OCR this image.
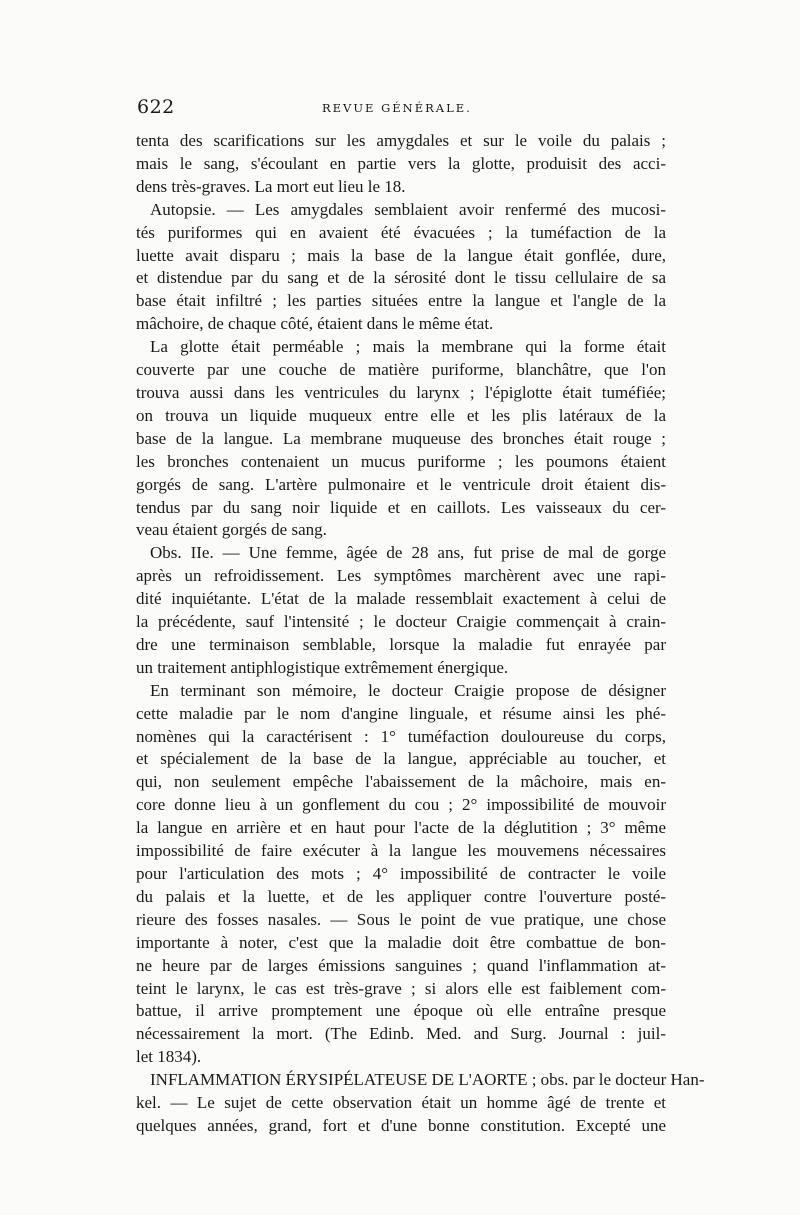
622	REVUE GÉNÉRALE.
tenta des scarifications sur les amygdales et sur le voile du palais ;
mais le sang, s'écoulant en partie vers la glotte, produisit des acci-
dens très-graves. La mort eut lieu le 18.
Autopsie. — Les amygdales semblaient avoir renfermé des mucosi-
tés puriformes qui en avaient été évacuées ; la tuméfaction de la
luette avait disparu ; mais la base de la langue était gonflée, dure,
et distendue par du sang et de la sérosité dont le tissu cellulaire de sa
base était infiltré ; les parties situées entre la langue et l'angle de la
mâchoire, de chaque côté, étaient dans le même état.
La glotte était perméable ; mais la membrane qui la forme était
couverte par une couche de matière puriforme, blanchâtre, que l'on
trouva aussi dans les ventricules du larynx ; l'épiglotte était tuméfiée;
on trouva un liquide muqueux entre elle et les plis latéraux de la
base de la langue. La membrane muqueuse des bronches était rouge ;
les bronches contenaient un mucus puriforme ; les poumons étaient
gorgés de sang. L'artère pulmonaire et le ventricule droit étaient dis-
tendus par du sang noir liquide et en caillots. Les vaisseaux du cer-
veau étaient gorgés de sang.
Obs. IIe. — Une femme, âgée de 28 ans, fut prise de mal de gorge
après un refroidissement. Les symptômes marchèrent avec une rapi-
dité inquiétante. L'état de la malade ressemblait exactement à celui de
la précédente, sauf l'intensité ; le docteur Craigie commençait à crain-
dre une terminaison semblable, lorsque la maladie fut enrayée par
un traitement antiphlogistique extrêmement énergique.
En terminant son mémoire, le docteur Craigie propose de désigner
cette maladie par le nom d'angine linguale, et résume ainsi les phé-
nomènes qui la caractérisent : 1° tuméfaction douloureuse du corps,
et spécialement de la base de la langue, appréciable au toucher, et
qui, non seulement empêche l'abaissement de la mâchoire, mais en-
core donne lieu à un gonflement du cou ; 2° impossibilité de mouvoir
la langue en arrière et en haut pour l'acte de la déglutition ; 3° même
impossibilité de faire exécuter à la langue les mouvemens nécessaires
pour l'articulation des mots ; 4° impossibilité de contracter le voile
du palais et la luette, et de les appliquer contre l'ouverture posté-
rieure des fosses nasales. — Sous le point de vue pratique, une chose
importante à noter, c'est que la maladie doit être combattue de bon-
ne heure par de larges émissions sanguines ; quand l'inflammation at-
teint le larynx, le cas est très-grave ; si alors elle est faiblement com-
battue, il arrive promptement une époque où elle entraîne presque
nécessairement la mort. (The Edinb. Med. and Surg. Journal : juil-
let 1834).
INFLAMMATION ÉRYSIPÉLATEUSE DE L'AORTE ; obs. par le docteur Han-
kel. — Le sujet de cette observation était un homme âgé de trente et
quelques années, grand, fort et d'une bonne constitution. Excepté une
